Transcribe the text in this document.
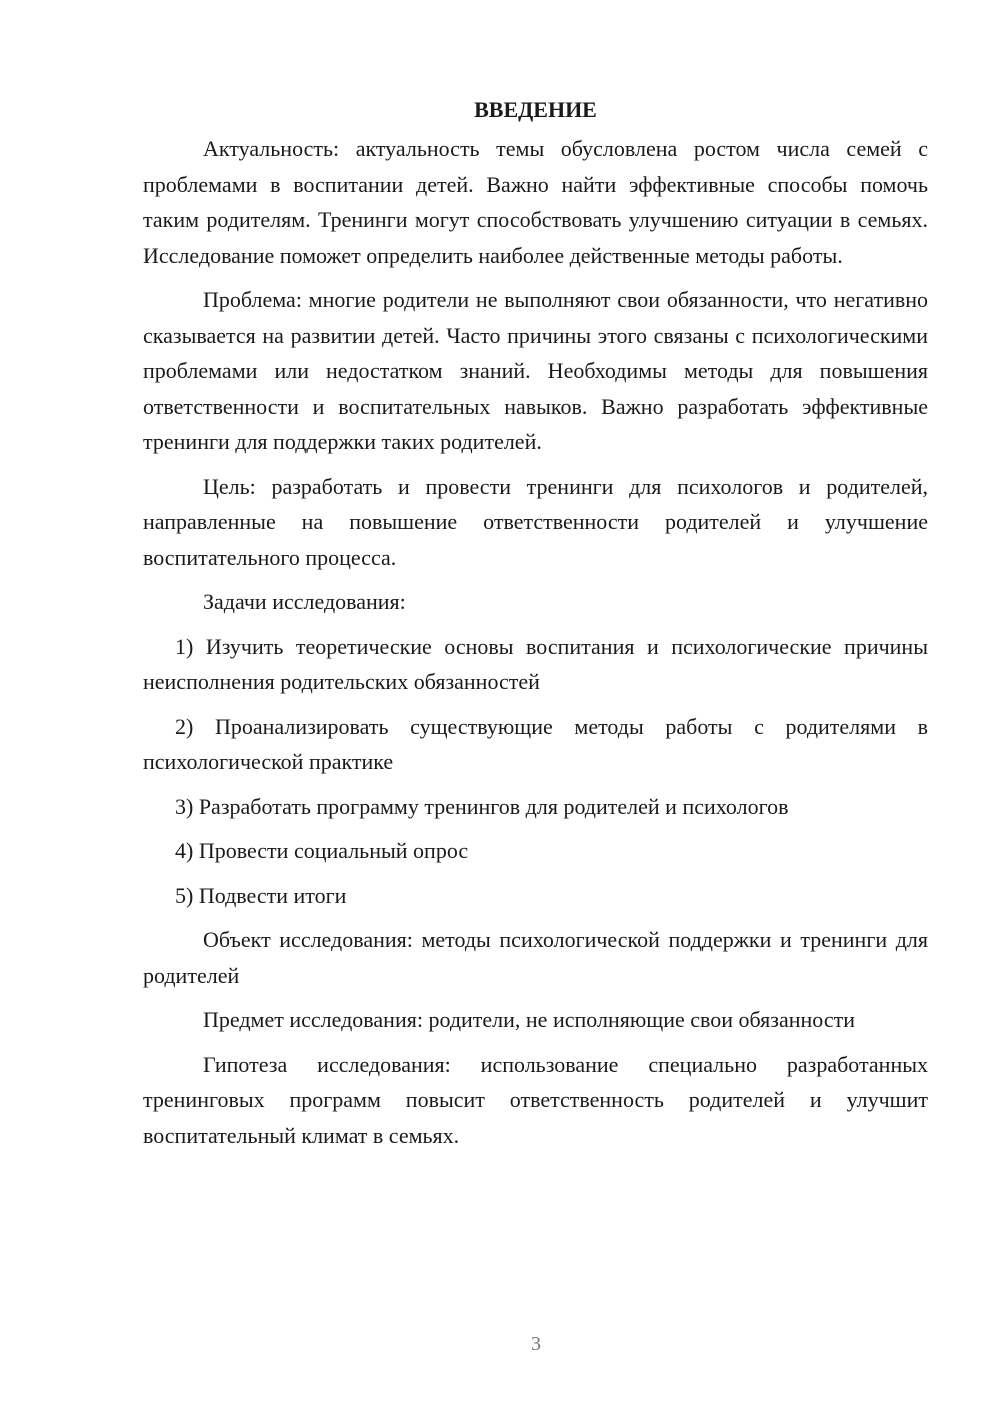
ВВЕДЕНИЕ

Актуальность: актуальность темы обусловлена ростом числа семей с проблемами в воспитании детей. Важно найти эффективные способы помочь таким родителям. Тренинги могут способствовать улучшению ситуации в семьях. Исследование поможет определить наиболее действенные методы работы.

Проблема: многие родители не выполняют свои обязанности, что негативно сказывается на развитии детей. Часто причины этого связаны с психологическими проблемами или недостатком знаний. Необходимы методы для повышения ответственности и воспитательных навыков. Важно разработать эффективные тренинги для поддержки таких родителей.

Цель: разработать и провести тренинги для психологов и родителей, направленные на повышение ответственности родителей и улучшение воспитательного процесса.

Задачи исследования:

1) Изучить теоретические основы воспитания и психологические причины неисполнения родительских обязанностей

2) Проанализировать существующие методы работы с родителями в психологической практике

3) Разработать программу тренингов для родителей и психологов

4) Провести социальный опрос

5) Подвести итоги

Объект исследования: методы психологической поддержки и тренинги для родителей

Предмет исследования: родители, не исполняющие свои обязанности

Гипотеза исследования: использование специально разработанных тренинговых программ повысит ответственность родителей и улучшит воспитательный климат в семьях.

3
